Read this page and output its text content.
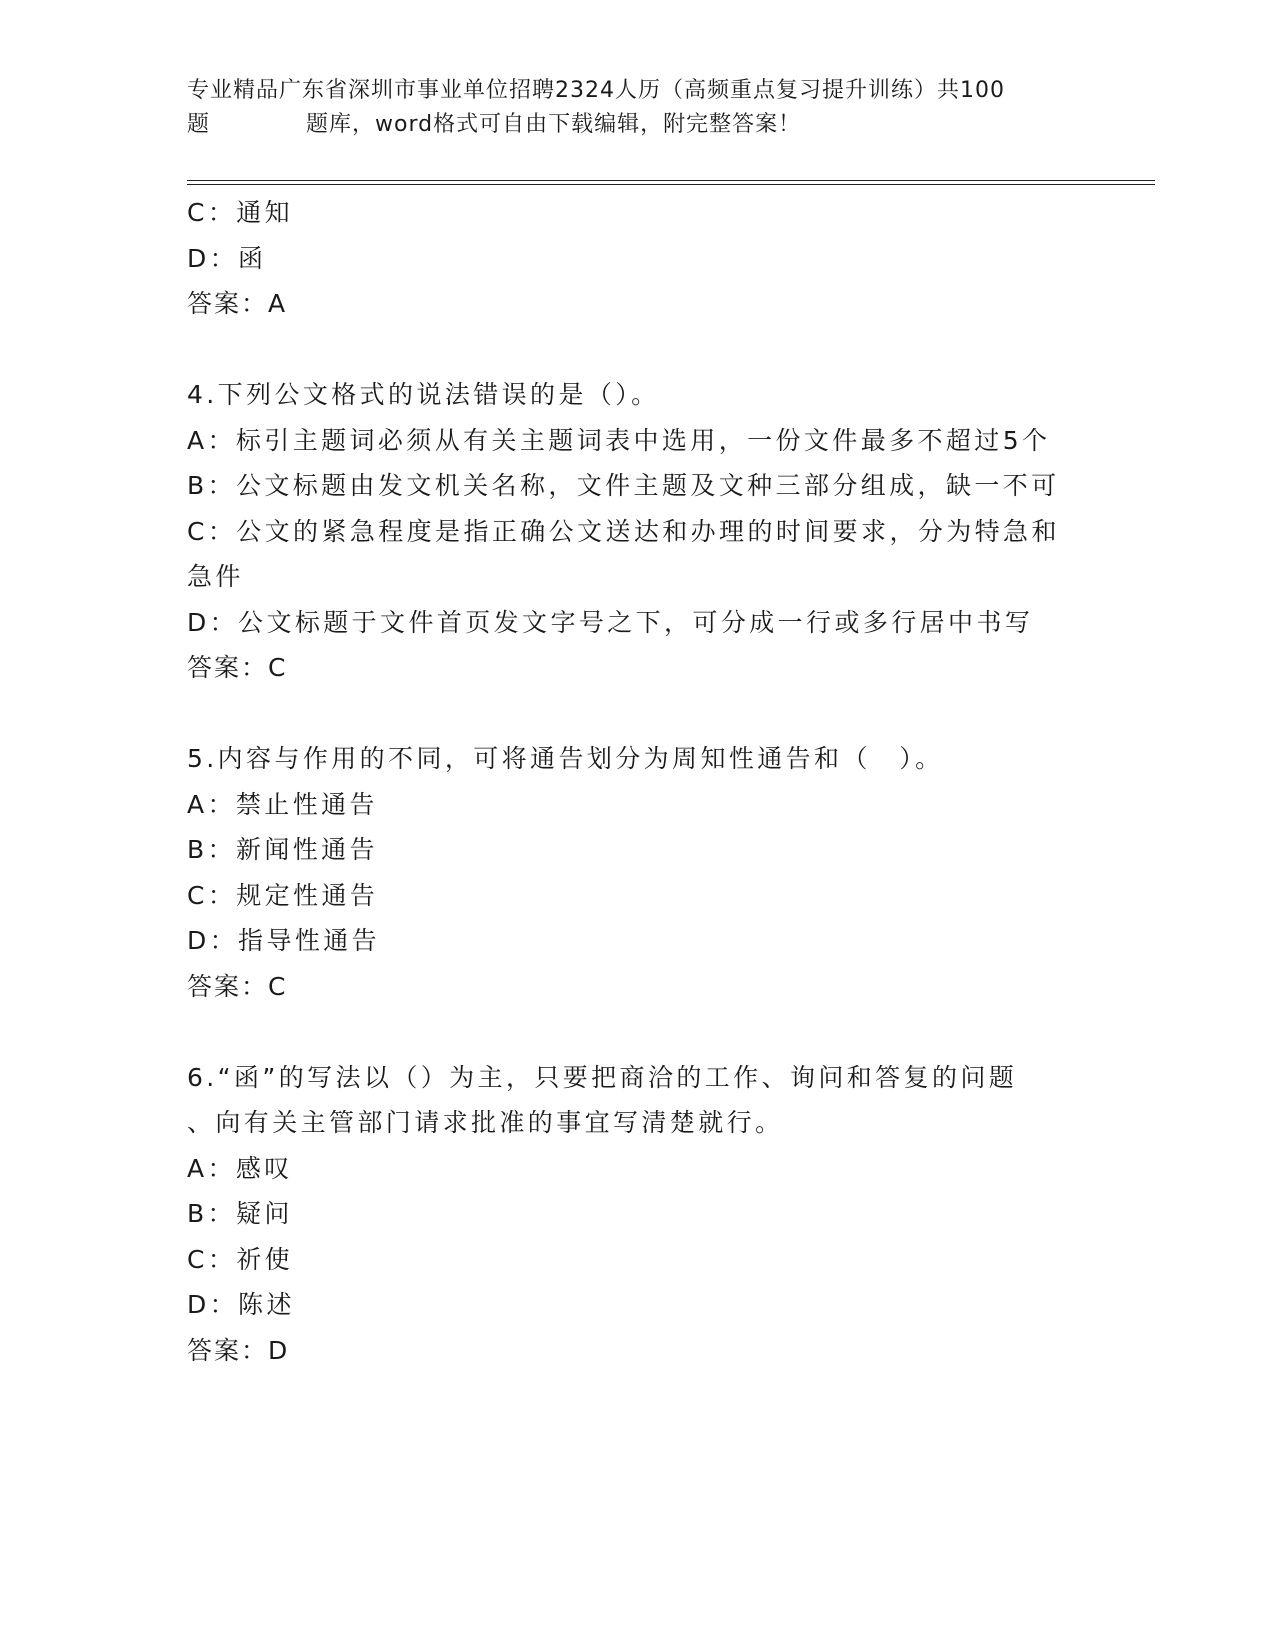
专业精品广东省深圳市事业单位招聘2324人历（高频重点复习提升训练）共100
题	题库，word格式可自由下载编辑，附完整答案！
C：通知
D：函
答案：A
4.下列公文格式的说法错误的是（）。
A：标引主题词必须从有关主题词表中选用，一份文件最多不超过5个
B：公文标题由发文机关名称，文件主题及文种三部分组成，缺一不可
C：公文的紧急程度是指正确公文送达和办理的时间要求，分为特急和
急件
D：公文标题于文件首页发文字号之下，可分成一行或多行居中书写
答案：C
5.内容与作用的不同，可将通告划分为周知性通告和（　）。
A：禁止性通告
B：新闻性通告
C：规定性通告
D：指导性通告
答案：C
6.“函”的写法以（）为主，只要把商洽的工作、询问和答复的问题
、向有关主管部门请求批准的事宜写清楚就行。
A：感叹
B：疑问
C：祈使
D：陈述
答案：D
